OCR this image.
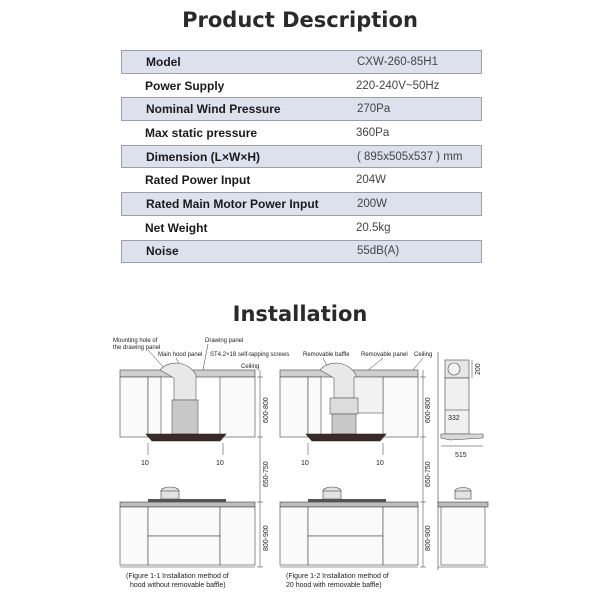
Product Description
Model	CXW-260-85H1
Power Supply	220-240V~50Hz
Nominal Wind Pressure	270Pa
Max static pressure	360Pa
Dimension (L×W×H)	( 895x505x537 ) mm
Rated Power Input	204W
Rated Main Motor Power Input	200W
Net Weight	20.5kg
Noise	55dB(A)
Installation
Mounting hole of
the drawing panel
Drawing panel
Main hood panel ST4.2×18 self-tapping screws
Ceiling
10	10
600-800
650-750
800-900
(Figure 1-1 Installation method of
hood without removable baffle)
Removable baffle Removable panel Ceiling
10	10
600-800
650-750
800-900
(Figure 1-2 Installation method of
20 hood with removable baffle)
200
332
515
